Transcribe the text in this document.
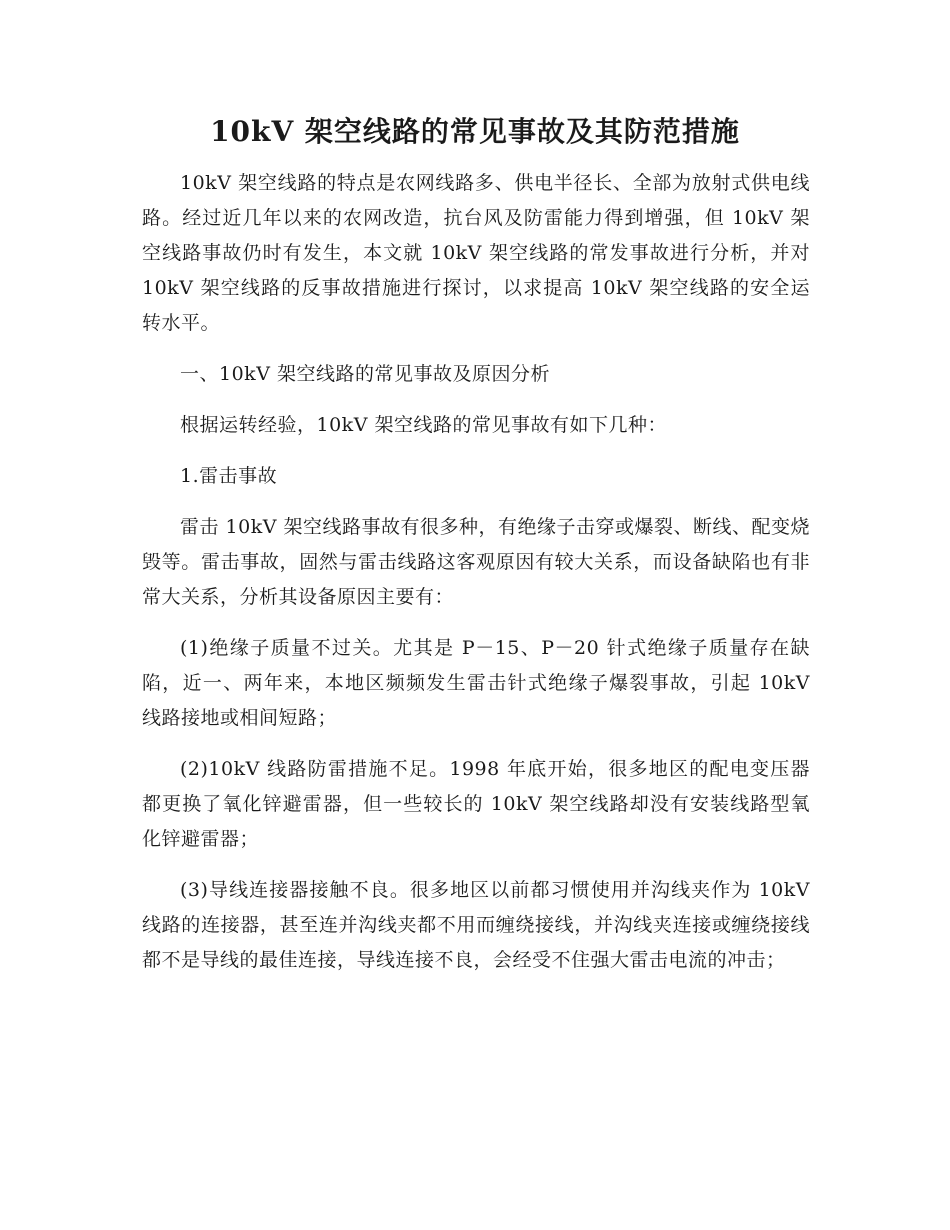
10kV 架空线路的常见事故及其防范措施

10kV 架空线路的特点是农网线路多、供电半径长、全部为放射式供电线路。经过近几年以来的农网改造，抗台风及防雷能力得到增强，但 10kV 架空线路事故仍时有发生，本文就 10kV 架空线路的常发事故进行分析，并对 10kV 架空线路的反事故措施进行探讨，以求提高 10kV 架空线路的安全运转水平。

一、10kV 架空线路的常见事故及原因分析

根据运转经验，10kV 架空线路的常见事故有如下几种：

1.雷击事故

雷击 10kV 架空线路事故有很多种，有绝缘子击穿或爆裂、断线、配变烧毁等。雷击事故，固然与雷击线路这客观原因有较大关系，而设备缺陷也有非常大关系，分析其设备原因主要有：

(1)绝缘子质量不过关。尤其是 P－15、P－20 针式绝缘子质量存在缺陷，近一、两年来，本地区频频发生雷击针式绝缘子爆裂事故，引起 10kV 线路接地或相间短路；

(2)10kV 线路防雷措施不足。1998 年底开始，很多地区的配电变压器都更换了氧化锌避雷器，但一些较长的 10kV 架空线路却没有安装线路型氧化锌避雷器；

(3)导线连接器接触不良。很多地区以前都习惯使用并沟线夹作为 10kV 线路的连接器，甚至连并沟线夹都不用而缠绕接线，并沟线夹连接或缠绕接线都不是导线的最佳连接，导线连接不良，会经受不住强大雷击电流的冲击；
